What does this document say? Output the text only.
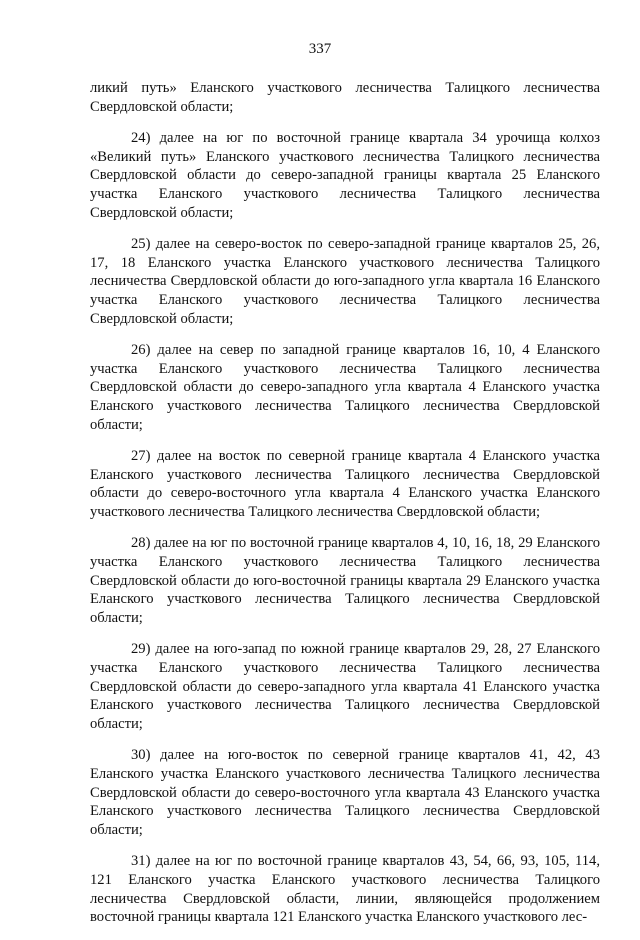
337

ликий путь» Еланского участкового лесничества Талицкого лесничества Свердловской области;

24) далее на юг по восточной границе квартала 34 урочища колхоз «Великий путь» Еланского участкового лесничества Талицкого лесничества Свердловской области до северо-западной границы квартала 25 Еланского участка Еланского участкового лесничества Талицкого лесничества Свердловской области;

25) далее на северо-восток по северо-западной границе кварталов 25, 26, 17, 18 Еланского участка Еланского участкового лесничества Талицкого лесничества Свердловской области до юго-западного угла квартала 16 Еланского участка Еланского участкового лесничества Талицкого лесничества Свердловской области;

26) далее на север по западной границе кварталов 16, 10, 4 Еланского участка Еланского участкового лесничества Талицкого лесничества Свердловской области до северо-западного угла квартала 4 Еланского участка Еланского участкового лесничества Талицкого лесничества Свердловской области;

27) далее на восток по северной границе квартала 4 Еланского участка Еланского участкового лесничества Талицкого лесничества Свердловской области до северо-восточного угла квартала 4 Еланского участка Еланского участкового лесничества Талицкого лесничества Свердловской области;

28) далее на юг по восточной границе кварталов 4, 10, 16, 18, 29 Еланского участка Еланского участкового лесничества Талицкого лесничества Свердловской области до юго-восточной границы квартала 29 Еланского участка Еланского участкового лесничества Талицкого лесничества Свердловской области;

29) далее на юго-запад по южной границе кварталов 29, 28, 27 Еланского участка Еланского участкового лесничества Талицкого лесничества Свердловской области до северо-западного угла квартала 41 Еланского участка Еланского участкового лесничества Талицкого лесничества Свердловской области;

30) далее на юго-восток по северной границе кварталов 41, 42, 43 Еланского участка Еланского участкового лесничества Талицкого лесничества Свердловской области до северо-восточного угла квартала 43 Еланского участка Еланского участкового лесничества Талицкого лесничества Свердловской области;

31) далее на юг по восточной границе кварталов 43, 54, 66, 93, 105, 114, 121 Еланского участка Еланского участкового лесничества Талицкого лесничества Свердловской области, линии, являющейся продолжением восточной границы квартала 121 Еланского участка Еланского участкового лес-
